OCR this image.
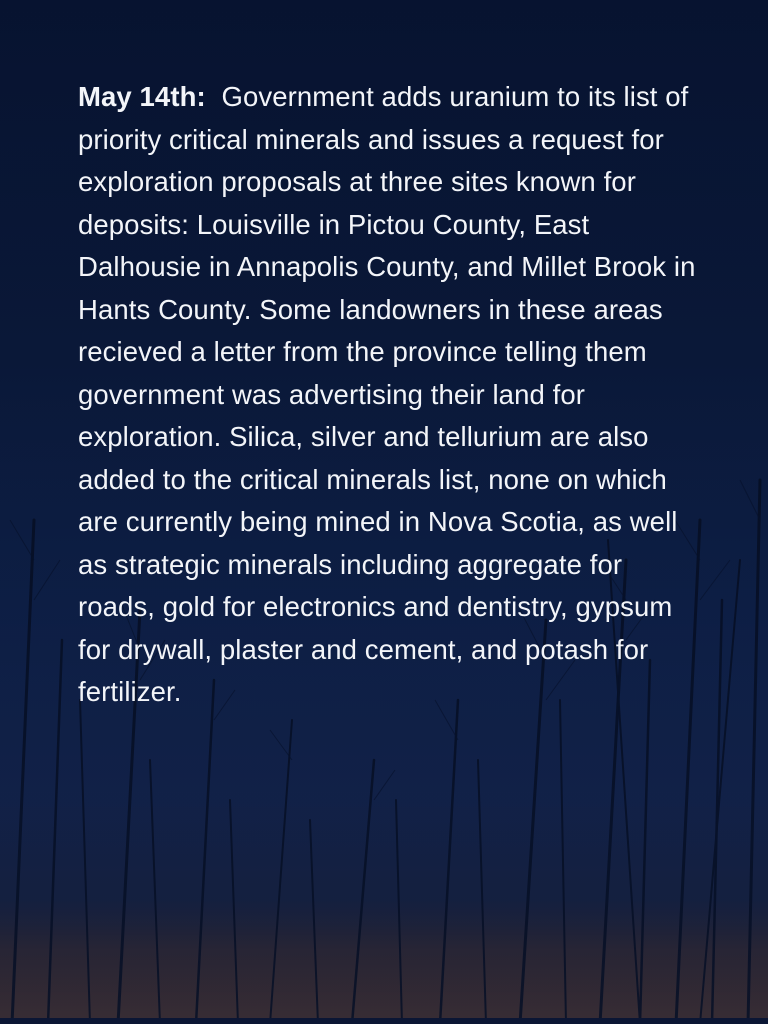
May 14th: Government adds uranium to its list of priority critical minerals and issues a request for exploration proposals at three sites known for deposits: Louisville in Pictou County, East Dalhousie in Annapolis County, and Millet Brook in Hants County. Some landowners in these areas recieved a letter from the province telling them government was advertising their land for exploration. Silica, silver and tellurium are also added to the critical minerals list, none on which are currently being mined in Nova Scotia, as well as strategic minerals including aggregate for roads, gold for electronics and dentistry, gypsum for drywall, plaster and cement, and potash for fertilizer.
